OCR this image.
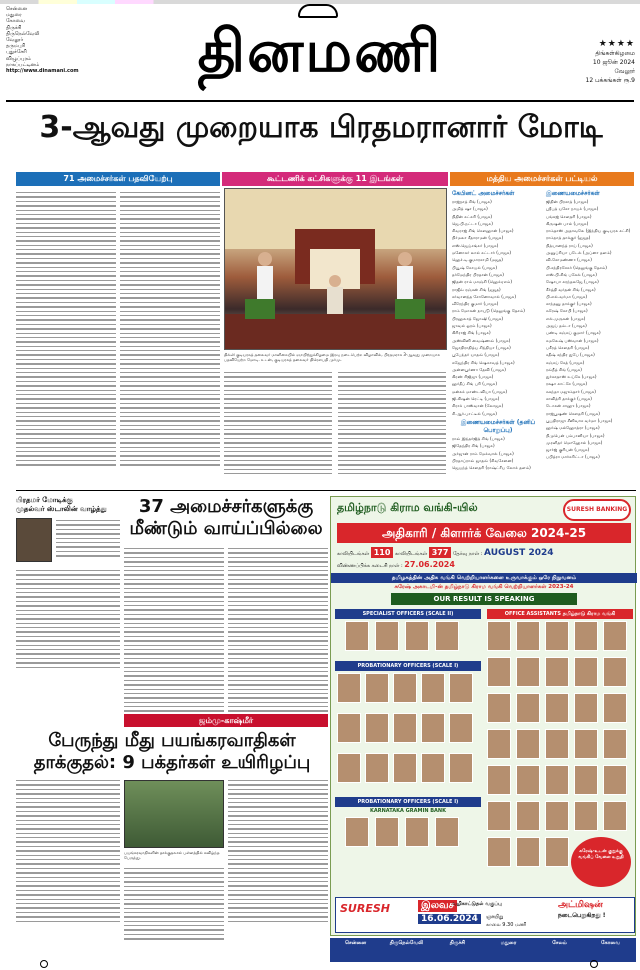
சென்னை
மதுரை
கோவை
திருச்சி
திருநெல்வேலி
வேலூர்
தருமபுரி
புதுச்சேரி
விழுப்புரம்
நாகப்பட்டினம்
http://www.dinamani.com	தினமணி	★★★★
திங்கள்கிழமை
10 ஜூன் 2024
வேலூர்
12 பக்கங்கள் ரூ.9
3-ஆவது முறையாக பிரதமரானார் மோடி
71 அமைச்சர்கள் பதவியேற்பு	கூட்டணிக் கட்சிகளுக்கு 11 இடங்கள்	மத்திய அமைச்சர்கள் பட்டியல்
தில்லி குடியரசுத் தலைவர் மாளிகையில் ஞாயிற்றுக்கிழமை இரவு நடைபெற்ற விழாவில், பிரதமராக 3-ஆவது முறையாக பதவியேற்ற மோடி. உடன், குடியரசுத் தலைவர் திரௌபதி முர்மு.
கேபினட் அமைச்சர்கள்
ராஜ்நாத் சிங் (பாஜக)
அமித் ஷா (பாஜக)
நிதின் கட்கரி (பாஜக)
ஜெ.பி.நட்டா (பாஜக)
சிவராஜ் சிங் செளஹான் (பாஜக)
நிர்மலா சீதாராமன் (பாஜக)
எஸ்.ஜெய்சங்கர் (பாஜக)
மனோகர் லால் கட்டார் (பாஜக)
ஹெச்.டி.குமாரசாமி (மஜத)
பியூஷ் கோயல் (பாஜக)
தர்மேந்திர பிரதான் (பாஜக)
ஜிதன் ராம் மாஞ்சி (ஹெச்ஏஎம்)
ராஜீவ் ரஞ்சன் சிங் (ஐஜத)
சர்வானந்த சோனோவால் (பாஜக)
வீரேந்திர குமார் (பாஜக)
ராம் மோகன் நாயுடு (தெலுங்கு தேசம்)
பிரஹலாத் ஜோஷி (பாஜக)
ஜுவல் ஓரம் (பாஜக)
கிரிராஜ் சிங் (பாஜக)
அஸ்வினி வைஷ்ணவ் (பாஜக)
ஜோதிராதித்ய சிந்தியா (பாஜக)
பூபேந்தர் யாதவ் (பாஜக)
கஜேந்திர சிங் ஷெகாவத் (பாஜக)
அன்னபூர்ணா தேவி (பாஜக)
கிரண் ரிஜிஜு (பாஜக)
ஹர்தீப் சிங் புரி (பாஜக)
மன்சுக் மாண்டவியா (பாஜக)
ஜி.கிஷன் ரெட்டி (பாஜக)
சிராக் பாஸ்வான் (லோஜக)
சி.ஆர்.பாட்டீல் (பாஜக)
இணையமைச்சர்கள் (தனிப் பொறுப்பு)
ராவ் இந்தர்ஜித் சிங் (பாஜக)
ஜிதேந்திர சிங் (பாஜக)
அர்ஜுன் ராம் மேக்வால் (பாஜக)
பிரதாப்ராவ் ஜாதவ் (சிவசேனை)
ஜெயந்த் செளதரி (ராஷ்ட்ரீய லோக் தளம்)
இணையமைச்சர்கள்
ஜிதின் பிரசாத் (பாஜக)
ஸ்ரீபத் யசோ நாயக் (பாஜக)
பங்கஜ் செளதரி (பாஜக)
கிருஷன் பால் (பாஜக)
ராம்தாஸ் அதாவலே (இந்திய குடியரசு கட்சி)
ராம்நாத் தாக்குர் (ஐஜத)
நித்யானந்த் ராய் (பாஜக)
அனுப்ரியா படேல் (அப்னா தளம்)
வி.சோமண்ணா (பாஜக)
பி.சந்திரசேகர் (தெலுங்கு தேசம்)
எஸ்.பி.சிங் பகேல் (பாஜக)
ஷோபா கரந்தலஜே (பாஜக)
கீர்த்தி வர்தன் சிங் (பாஜக)
பி.எல்.வர்மா (பாஜக)
சாந்தனு தாக்குர் (பாஜக)
சுரேஷ் கோபி (பாஜக)
எல்.முருகன் (பாஜக)
அஜய் தம்டா (பாஜக)
பண்டி சஞ்சய் குமார் (பாஜக)
கமலேஷ் பஸ்வான் (பாஜக)
பகீரத் செளதரி (பாஜக)
சதீஷ் சந்திர துபே (பாஜக)
சஞ்சய் சேத் (பாஜக)
ரவ்நீத் சிங் (பாஜக)
துர்காதாஸ் உய்கே (பாஜக)
ரக்ஷா காட்சே (பாஜக)
சுகந்தா மஜும்தார் (பாஜக)
சாவித்ரி தாக்குர் (பாஜக)
டோகன் சாஹு (பாஜக)
ராஜ்பூஷண் செளதரி (பாஜக)
பூபதிராஜு சீனிவாச வர்மா (பாஜக)
ஹர்ஷ் மல்ஹோத்ரா (பாஜக)
நிமுபென் பம்பானியா (பாஜக)
முரளிதர் மொஹோல் (பாஜக)
ஜார்ஜ் குரியன் (பாஜக)
பபித்ரா மார்கரிட்டா (பாஜக)
பிரதமர் மோடிக்கு
முதல்வர் ஸ்டாலின் வாழ்த்து	37 அமைச்சர்களுக்கு
மீண்டும் வாய்ப்பில்லை
ஜம்மு-காஷ்மீர்
பேருந்து மீது பயங்கரவாதிகள்
தாக்குதல்: 9 பக்தர்கள் உயிரிழப்பு
பயங்கரவாதிகளின் தாக்குதலால் பள்ளத்தில் கவிழ்ந்த பேருந்து.
தமிழ்நாடு கிராம வங்கி-யில்	SURESH BANKING
அதிகாரி / கிளார்க் வேலை 2024-25
காலியிடங்கள் 110 காலியிடங்கள் 377 தேர்வு நாள் : AUGUST 2024
விண்ணப்பிக்க கடைசி நாள் : 27.06.2024
தமிழகத்தின் அதிக வங்கி வெற்றியாளர்களை உருவாக்கும் ஒரே நிறுவனம்
சுரேஷ் அகாடமி-ன் தமிழ்நாடு கிராம வங்கி வெற்றியாளர்கள் 2023-24
OUR RESULT IS SPEAKING
SPECIALIST OFFICERS (SCALE II)
PROBATIONARY OFFICERS (SCALE I)
PROBATIONARY OFFICERS (SCALE I)
KARNATAKA GRAMIN BANK
OFFICE ASSISTANTS தமிழ்நாடு கிராம வங்கி
சுரேஷ்-உடன் குறுக்கு வங்கிப் வேலை உறுதி
SURESH	இலவச
வழிகாட்டுதல் வகுப்பு
16.06.2024	ஞாயிறு
காலை 9.30 மணி
அட்மிஷன்
நடைபெறுகிறது !
சென்னை	திருநெல்வேலி	திருச்சி	மதுரை	சேலம்	கோவை
